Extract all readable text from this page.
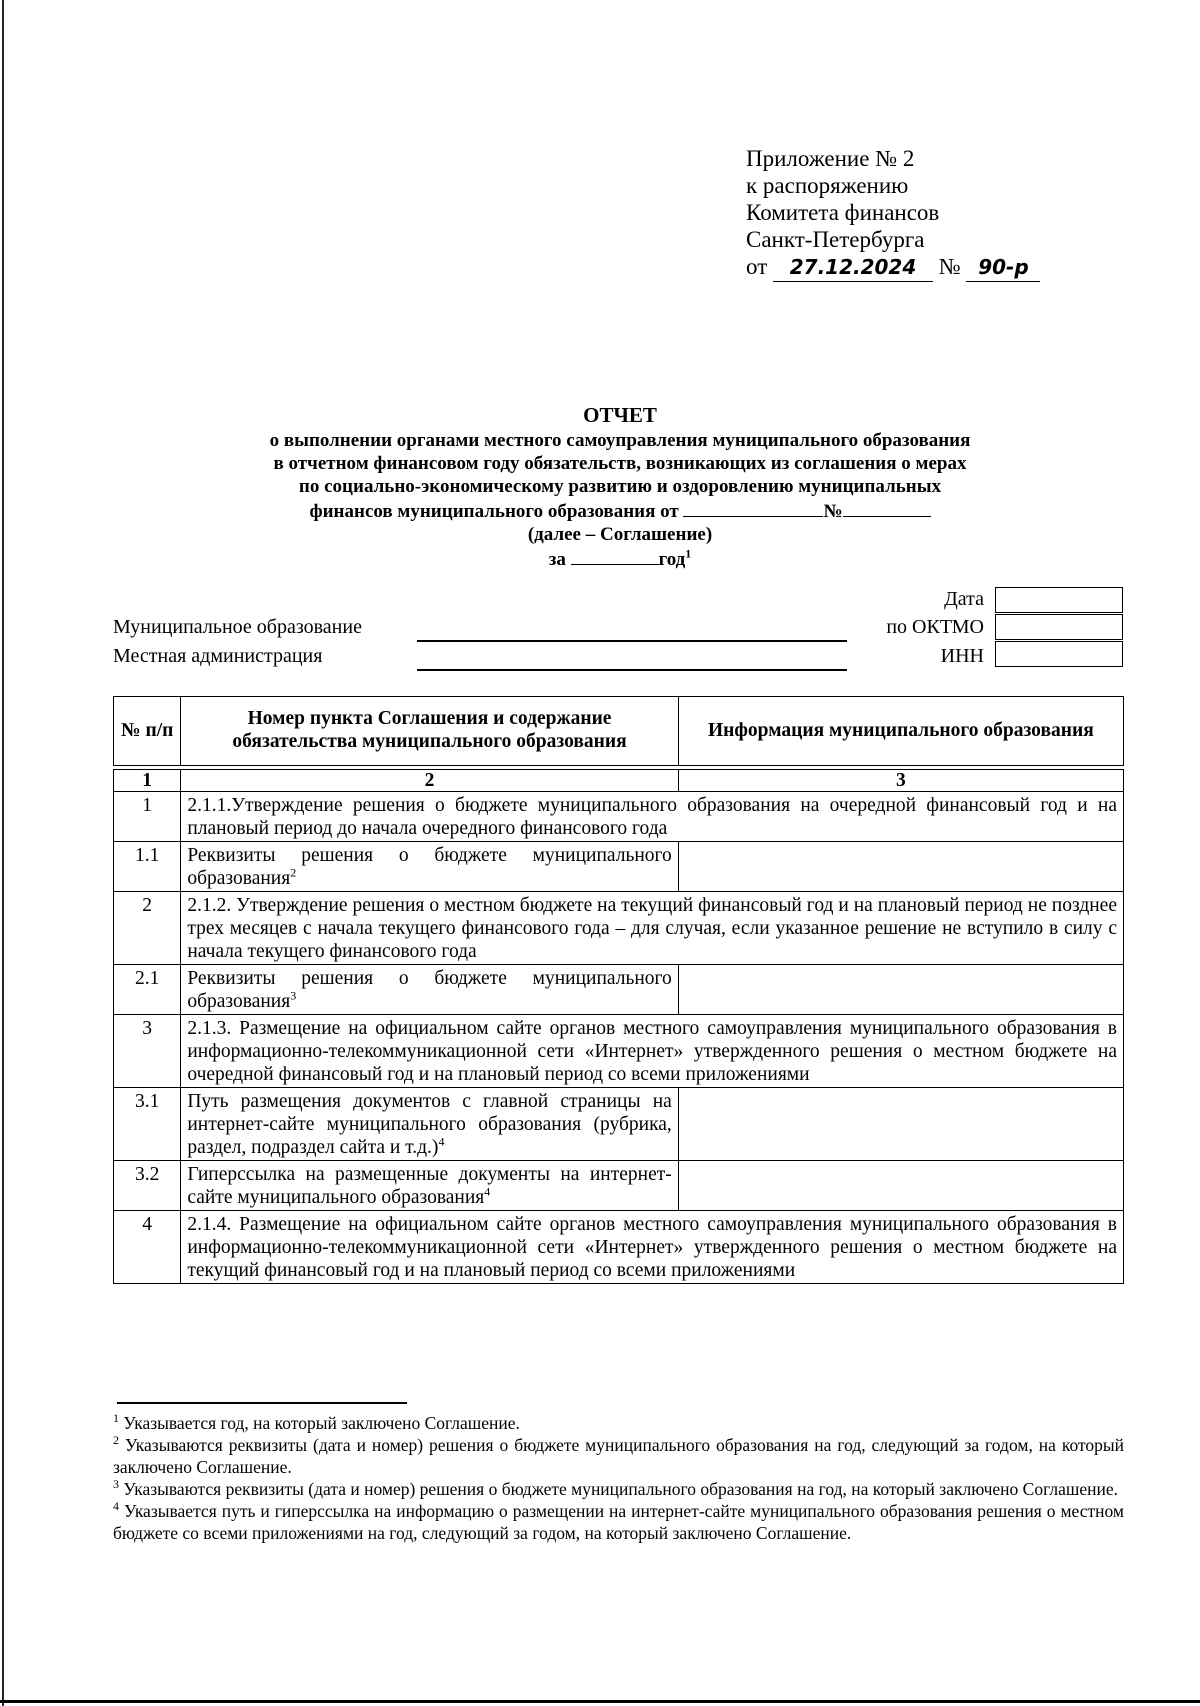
Приложение № 2
к распоряжению
Комитета финансов
Санкт-Петербурга
от 27.12.2024 № 90-р
ОТЧЕТ
о выполнении органами местного самоуправления муниципального образования
в отчетном финансовом году обязательств, возникающих из соглашения о мерах
по социально-экономическому развитию и оздоровлению муниципальных
финансов муниципального образования от	№
(далее – Соглашение)
за	год$^1$
Муниципальное образование
Местная администрация
Дата
по ОКТМО
ИНН
№ п/п	Номер пункта Соглашения и содержание обязательства муниципального образования	Информация муниципального образования

1	2	3
1	2.1.1.Утверждение решения о бюджете муниципального образования на очередной финансовый год и на плановый период до начала очередного финансового года	
1.1	Реквизиты решения о бюджете муниципального образования$^2$	
2	2.1.2. Утверждение решения о местном бюджете на текущий финансовый год и на плановый период не позднее трех месяцев с начала текущего финансового года – для случая, если указанное решение не вступило в силу с начала текущего финансового года	
2.1	Реквизиты решения о бюджете муниципального образования$^3$	
3	2.1.3. Размещение на официальном сайте органов местного самоуправления муниципального образования в информационно-телекоммуникационной сети «Интернет» утвержденного решения о местном бюджете на очередной финансовый год и на плановый период со всеми приложениями	
3.1	Путь размещения документов с главной страницы на интернет-сайте муниципального образования (рубрика, раздел, подраздел сайта и т.д.)$^4$	
3.2	Гиперссылка на размещенные документы на интернет-сайте муниципального образования$^4$	
4	2.1.4. Размещение на официальном сайте органов местного самоуправления муниципального образования в информационно-телекоммуникационной сети «Интернет» утвержденного решения о местном бюджете на текущий финансовый год и на плановый период со всеми приложениями	
$^1$ Указывается год, на который заключено Соглашение.
$^2$ Указываются реквизиты (дата и номер) решения о бюджете муниципального образования на год, следующий за годом, на который заключено Соглашение.
$^3$ Указываются реквизиты (дата и номер) решения о бюджете муниципального образования на год, на который заключено Соглашение.
$^4$ Указывается путь и гиперссылка на информацию о размещении на интернет-сайте муниципального образования решения о местном бюджете со всеми приложениями на год, следующий за годом, на который заключено Соглашение.
